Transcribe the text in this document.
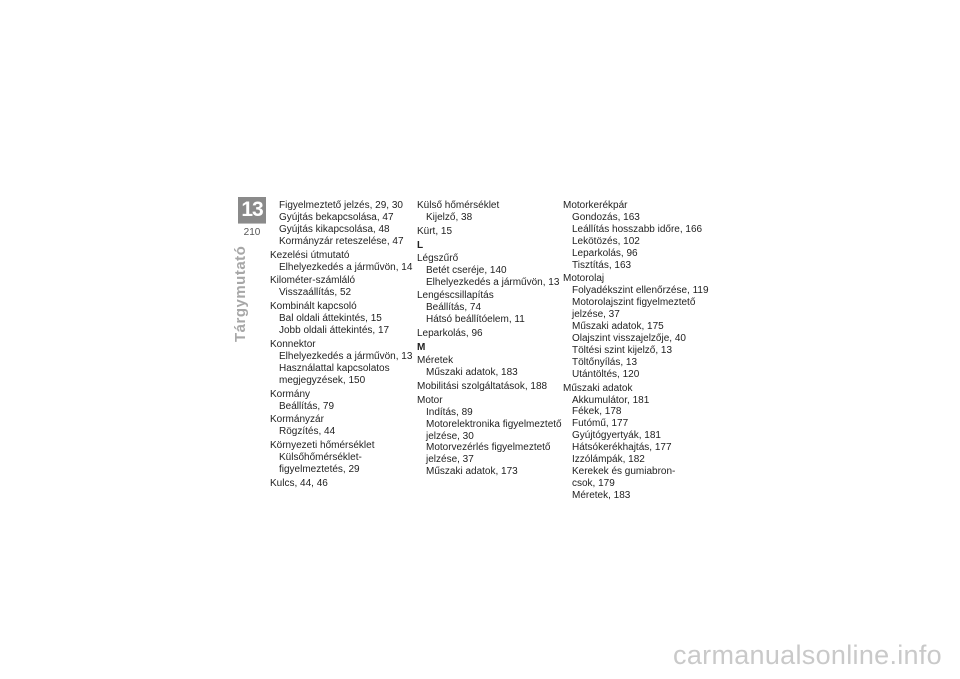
13
210
Tárgymutató
Figyelmeztető jelzés, 29, 30
Gyújtás bekapcsolása, 47
Gyújtás kikapcsolása, 48
Kormányzár reteszelése, 47
Kezelési útmutató
Elhelyezkedés a járművön, 14
Kilométer-számláló
Visszaállítás, 52
Kombinált kapcsoló
Bal oldali áttekintés, 15
Jobb oldali áttekintés, 17
Konnektor
Elhelyezkedés a járművön, 13
Használattal kapcsolatos
megjegyzések, 150
Kormány
Beállítás, 79
Kormányzár
Rögzítés, 44
Környezeti hőmérséklet
Külsőhőmérséklet-
figyelmeztetés, 29
Kulcs, 44, 46
Külső hőmérséklet
Kijelző, 38
Kürt, 15
L
Légszűrő
Betét cseréje, 140
Elhelyezkedés a járművön, 13
Lengéscsillapítás
Beállítás, 74
Hátsó beállítóelem, 11
Leparkolás, 96
M
Méretek
Műszaki adatok, 183
Mobilitási szolgáltatások, 188
Motor
Indítás, 89
Motorelektronika figyelmeztető
jelzése, 30
Motorvezérlés figyelmeztető
jelzése, 37
Műszaki adatok, 173
Motorkerékpár
Gondozás, 163
Leállítás hosszabb időre, 166
Lekötözés, 102
Leparkolás, 96
Tisztítás, 163
Motorolaj
Folyadékszint ellenőrzése, 119
Motorolajszint figyelmeztető
jelzése, 37
Műszaki adatok, 175
Olajszint visszajelzője, 40
Töltési szint kijelző, 13
Töltőnyílás, 13
Utántöltés, 120
Műszaki adatok
Akkumulátor, 181
Fékek, 178
Futómű, 177
Gyújtógyertyák, 181
Hátsókerékhajtás, 177
Izzólámpák, 182
Kerekek és gumiabron-
csok, 179
Méretek, 183
carmanualsonline.info
